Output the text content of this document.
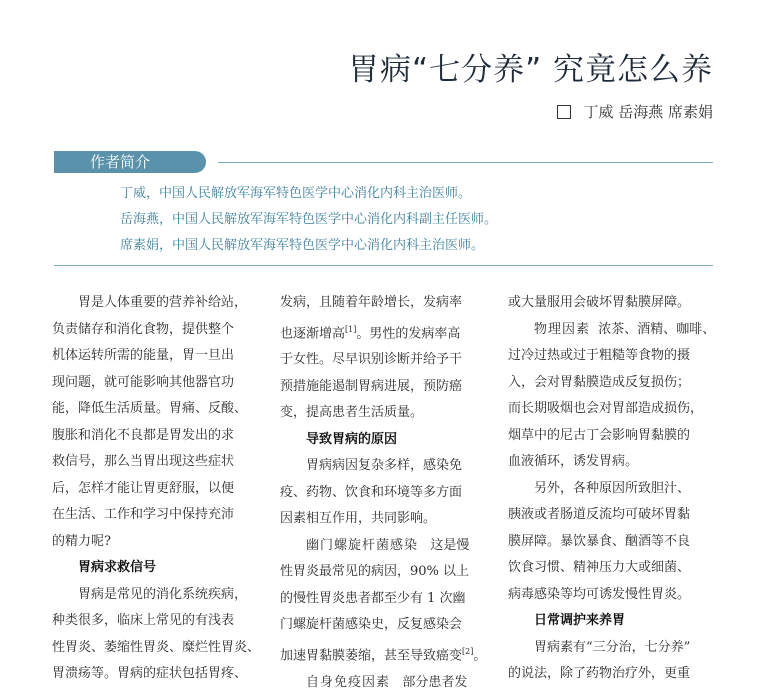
胃病“七分养” 究竟怎么养
丁威 岳海燕 席素娟
作者简介
丁威，中国人民解放军海军特色医学中心消化内科主治医师。
岳海燕，中国人民解放军海军特色医学中心消化内科副主任医师。
席素娟，中国人民解放军海军特色医学中心消化内科主治医师。
胃是人体重要的营养补给站，
负责储存和消化食物，提供整个
机体运转所需的能量，胃一旦出
现问题，就可能影响其他器官功
能，降低生活质量。胃痛、反酸、
腹胀和消化不良都是胃发出的求
救信号，那么当胃出现这些症状
后，怎样才能让胃更舒服，以便
在生活、工作和学习中保持充沛
的精力呢?
胃病求救信号
胃病是常见的消化系统疾病，
种类很多，临床上常见的有浅表
性胃炎、萎缩性胃炎、糜烂性胃炎、
胃溃疡等。胃病的症状包括胃疼、
发病，且随着年龄增长，发病率
也逐渐增高[1]。男性的发病率高
于女性。尽早识别诊断并给予干
预措施能遏制胃病进展，预防癌
变，提高患者生活质量。
导致胃病的原因
胃病病因复杂多样，感染免
疫、药物、饮食和环境等多方面
因素相互作用，共同影响。
幽门螺旋杆菌感染 这是慢
性胃炎最常见的病因，90% 以上
的慢性胃炎患者都至少有 1 次幽
门螺旋杆菌感染史，反复感染会
加速胃黏膜萎缩，甚至导致癌变[2]。
自身免疫因素 部分患者发
或大量服用会破坏胃黏膜屏障。
物理因素 浓茶、酒精、咖啡、
过冷过热或过于粗糙等食物的摄
入，会对胃黏膜造成反复损伤；
而长期吸烟也会对胃部造成损伤，
烟草中的尼古丁会影响胃黏膜的
血液循环，诱发胃病。
另外，各种原因所致胆汁、
胰液或者肠道反流均可破坏胃黏
膜屏障。暴饮暴食、酗酒等不良
饮食习惯、精神压力大或细菌、
病毒感染等均可诱发慢性胃炎。
日常调护来养胃
胃病素有“三分治，七分养”
的说法，除了药物治疗外，更重
